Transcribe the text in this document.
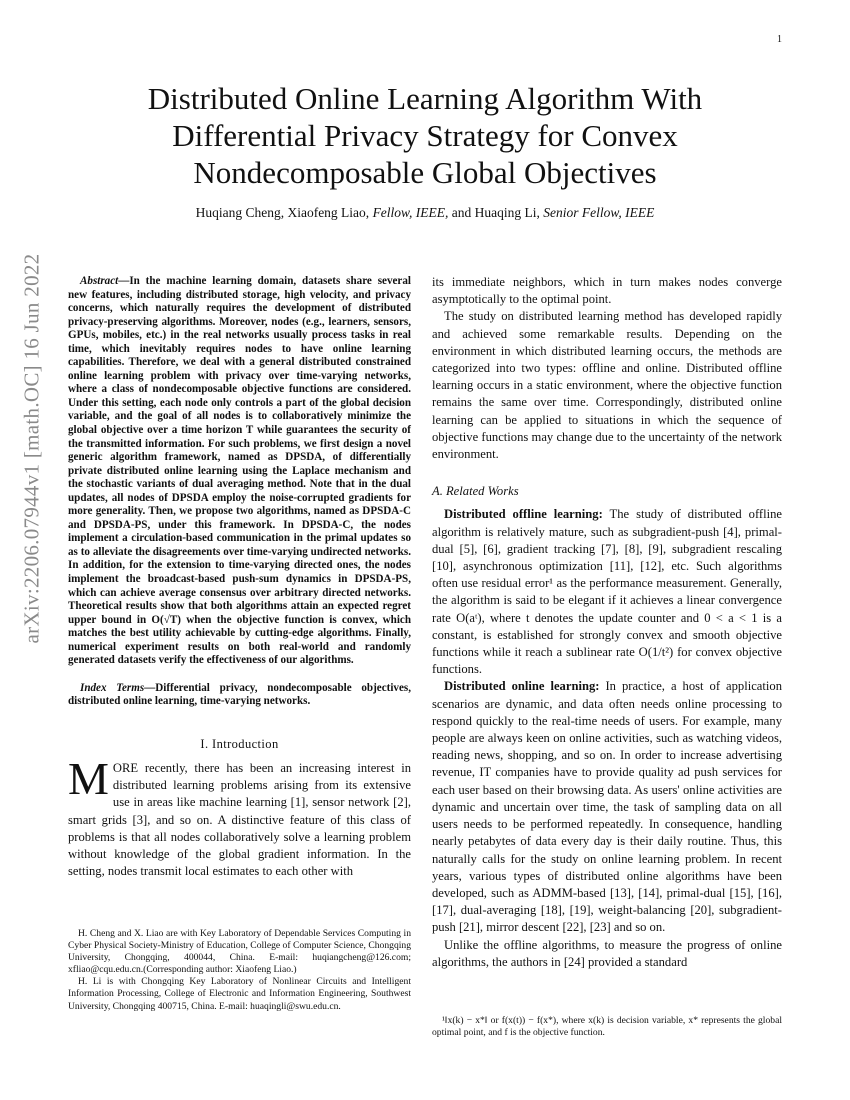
1
arXiv:2206.07944v1 [math.OC] 16 Jun 2022
Distributed Online Learning Algorithm With Differential Privacy Strategy for Convex Nondecomposable Global Objectives
Huqiang Cheng, Xiaofeng Liao, Fellow, IEEE, and Huaqing Li, Senior Fellow, IEEE

Abstract—In the machine learning domain, datasets share several new features, including distributed storage, high velocity, and privacy concerns, which naturally requires the development of distributed privacy-preserving algorithms. Moreover, nodes (e.g., learners, sensors, GPUs, mobiles, etc.) in the real networks usually process tasks in real time, which inevitably requires nodes to have online learning capabilities. Therefore, we deal with a general distributed constrained online learning problem with privacy over time-varying networks, where a class of nondecomposable objective functions are considered. Under this setting, each node only controls a part of the global decision variable, and the goal of all nodes is to collaboratively minimize the global objective over a time horizon T while guarantees the security of the transmitted information. For such problems, we first design a novel generic algorithm framework, named as DPSDA, of differentially private distributed online learning using the Laplace mechanism and the stochastic variants of dual averaging method. Note that in the dual updates, all nodes of DPSDA employ the noise-corrupted gradients for more generality. Then, we propose two algorithms, named as DPSDA-C and DPSDA-PS, under this framework. In DPSDA-C, the nodes implement a circulation-based communication in the primal updates so as to alleviate the disagreements over time-varying undirected networks. In addition, for the extension to time-varying directed ones, the nodes implement the broadcast-based push-sum dynamics in DPSDA-PS, which can achieve average consensus over arbitrary directed networks. Theoretical results show that both algorithms attain an expected regret upper bound in O(√T) when the objective function is convex, which matches the best utility achievable by cutting-edge algorithms. Finally, numerical experiment results on both real-world and randomly generated datasets verify the effectiveness of our algorithms.

Index Terms—Differential privacy, nondecomposable objectives, distributed online learning, time-varying networks.

I. Introduction
MORE recently, there has been an increasing interest in distributed learning problems arising from its extensive use in areas like machine learning [1], sensor network [2], smart grids [3], and so on. A distinctive feature of this class of problems is that all nodes collaboratively solve a learning problem without knowledge of the global gradient information. In the setting, nodes transmit local estimates to each other with

H. Cheng and X. Liao are with Key Laboratory of Dependable Services Computing in Cyber Physical Society-Ministry of Education, College of Computer Science, Chongqing University, Chongqing, 400044, China. E-mail: huqiangcheng@126.com; xfliao@cqu.edu.cn.(Corresponding author: Xiaofeng Liao.)

H. Li is with Chongqing Key Laboratory of Nonlinear Circuits and Intelligent Information Processing, College of Electronic and Information Engineering, Southwest University, Chongqing 400715, China. E-mail: huaqingli@swu.edu.cn.

its immediate neighbors, which in turn makes nodes converge asymptotically to the optimal point.

The study on distributed learning method has developed rapidly and achieved some remarkable results. Depending on the environment in which distributed learning occurs, the methods are categorized into two types: offline and online. Distributed offline learning occurs in a static environment, where the objective function remains the same over time. Correspondingly, distributed online learning can be applied to situations in which the sequence of objective functions may change due to the uncertainty of the network environment.

A. Related Works

Distributed offline learning: The study of distributed offline algorithm is relatively mature, such as subgradient-push [4], primal-dual [5], [6], gradient tracking [7], [8], [9], subgradient rescaling [10], asynchronous optimization [11], [12], etc. Such algorithms often use residual error¹ as the performance measurement. Generally, the algorithm is said to be elegant if it achieves a linear convergence rate O(aᵗ), where t denotes the update counter and 0 < a < 1 is a constant, is established for strongly convex and smooth objective functions while it reach a sublinear rate O(1/t²) for convex objective functions.

Distributed online learning: In practice, a host of application scenarios are dynamic, and data often needs online processing to respond quickly to the real-time needs of users. For example, many people are always keen on online activities, such as watching videos, reading news, shopping, and so on. In order to increase advertising revenue, IT companies have to provide quality ad push services for each user based on their browsing data. As users' online activities are dynamic and uncertain over time, the task of sampling data on all users needs to be performed repeatedly. In consequence, handling nearly petabytes of data every day is their daily routine. Thus, this naturally calls for the study on online learning problem. In recent years, various types of distributed online algorithms have been developed, such as ADMM-based [13], [14], primal-dual [15], [16], [17], dual-averaging [18], [19], weight-balancing [20], subgradient-push [21], mirror descent [22], [23] and so on.

Unlike the offline algorithms, to measure the progress of online algorithms, the authors in [24] provided a standard

¹‖x(k) − x*‖ or f(x(t)) − f(x*), where x(k) is decision variable, x* represents the global optimal point, and f is the objective function.
